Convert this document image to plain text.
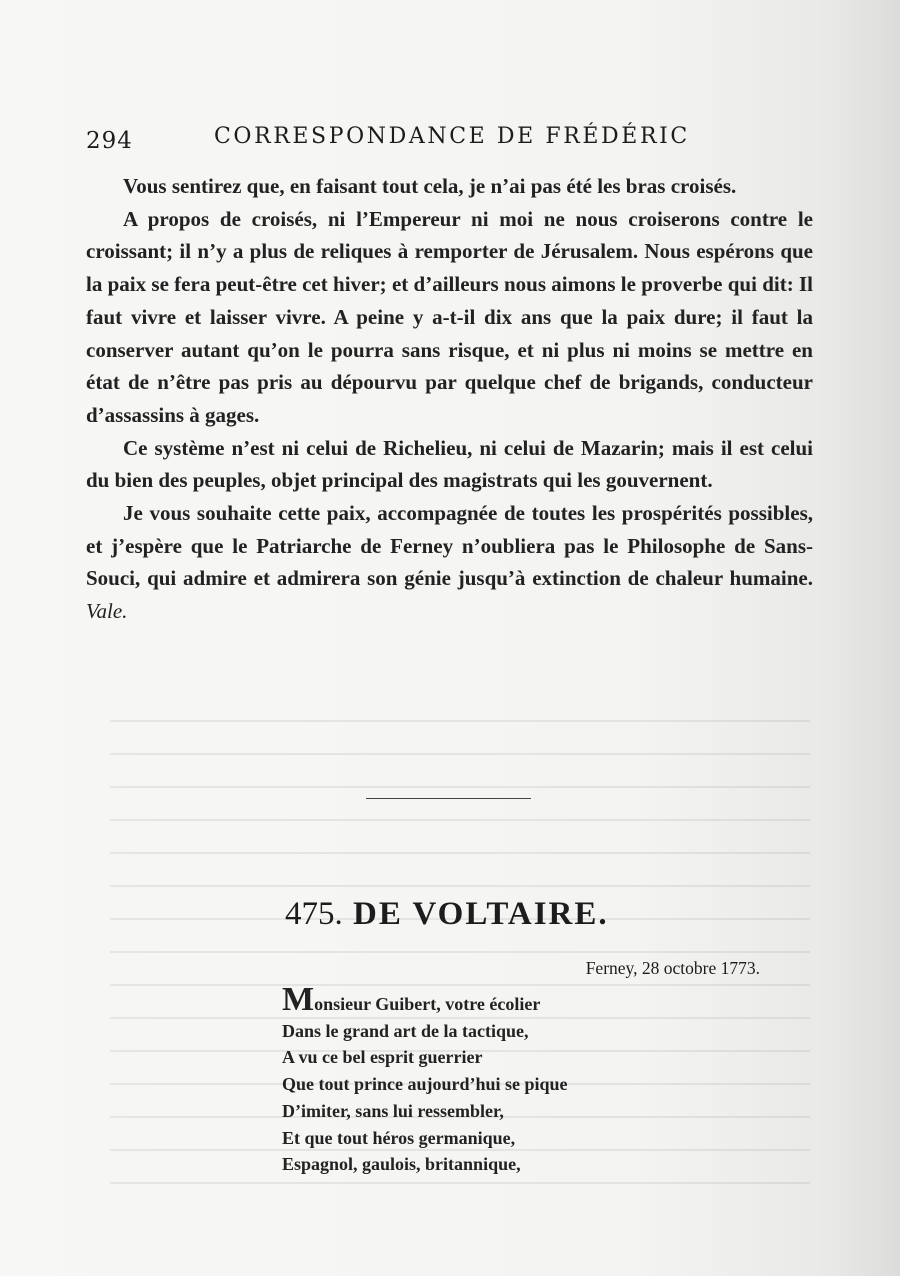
294	CORRESPONDANCE DE FRÉDÉRIC

Vous sentirez que, en faisant tout cela, je n’ai pas été les bras croisés.

A propos de croisés, ni l’Empereur ni moi ne nous croiserons contre le croissant; il n’y a plus de reliques à remporter de Jérusalem. Nous espérons que la paix se fera peut-être cet hiver; et d’ailleurs nous aimons le proverbe qui dit: Il faut vivre et laisser vivre. A peine y a-t-il dix ans que la paix dure; il faut la conserver autant qu’on le pourra sans risque, et ni plus ni moins se mettre en état de n’être pas pris au dépourvu par quelque chef de brigands, conducteur d’assassins à gages.

Ce système n’est ni celui de Richelieu, ni celui de Mazarin; mais il est celui du bien des peuples, objet principal des magistrats qui les gouvernent.

Je vous souhaite cette paix, accompagnée de toutes les prospérités possibles, et j’espère que le Patriarche de Ferney n’oubliera pas le Philosophe de Sans-Souci, qui admire et admirera son génie jusqu’à extinction de chaleur humaine. Vale.

475. DE VOLTAIRE.
Ferney, 28 octobre 1773.
Monsieur Guibert, votre écolier
Dans le grand art de la tactique,
A vu ce bel esprit guerrier
Que tout prince aujourd’hui se pique
D’imiter, sans lui ressembler,
Et que tout héros germanique,
Espagnol, gaulois, britannique,
